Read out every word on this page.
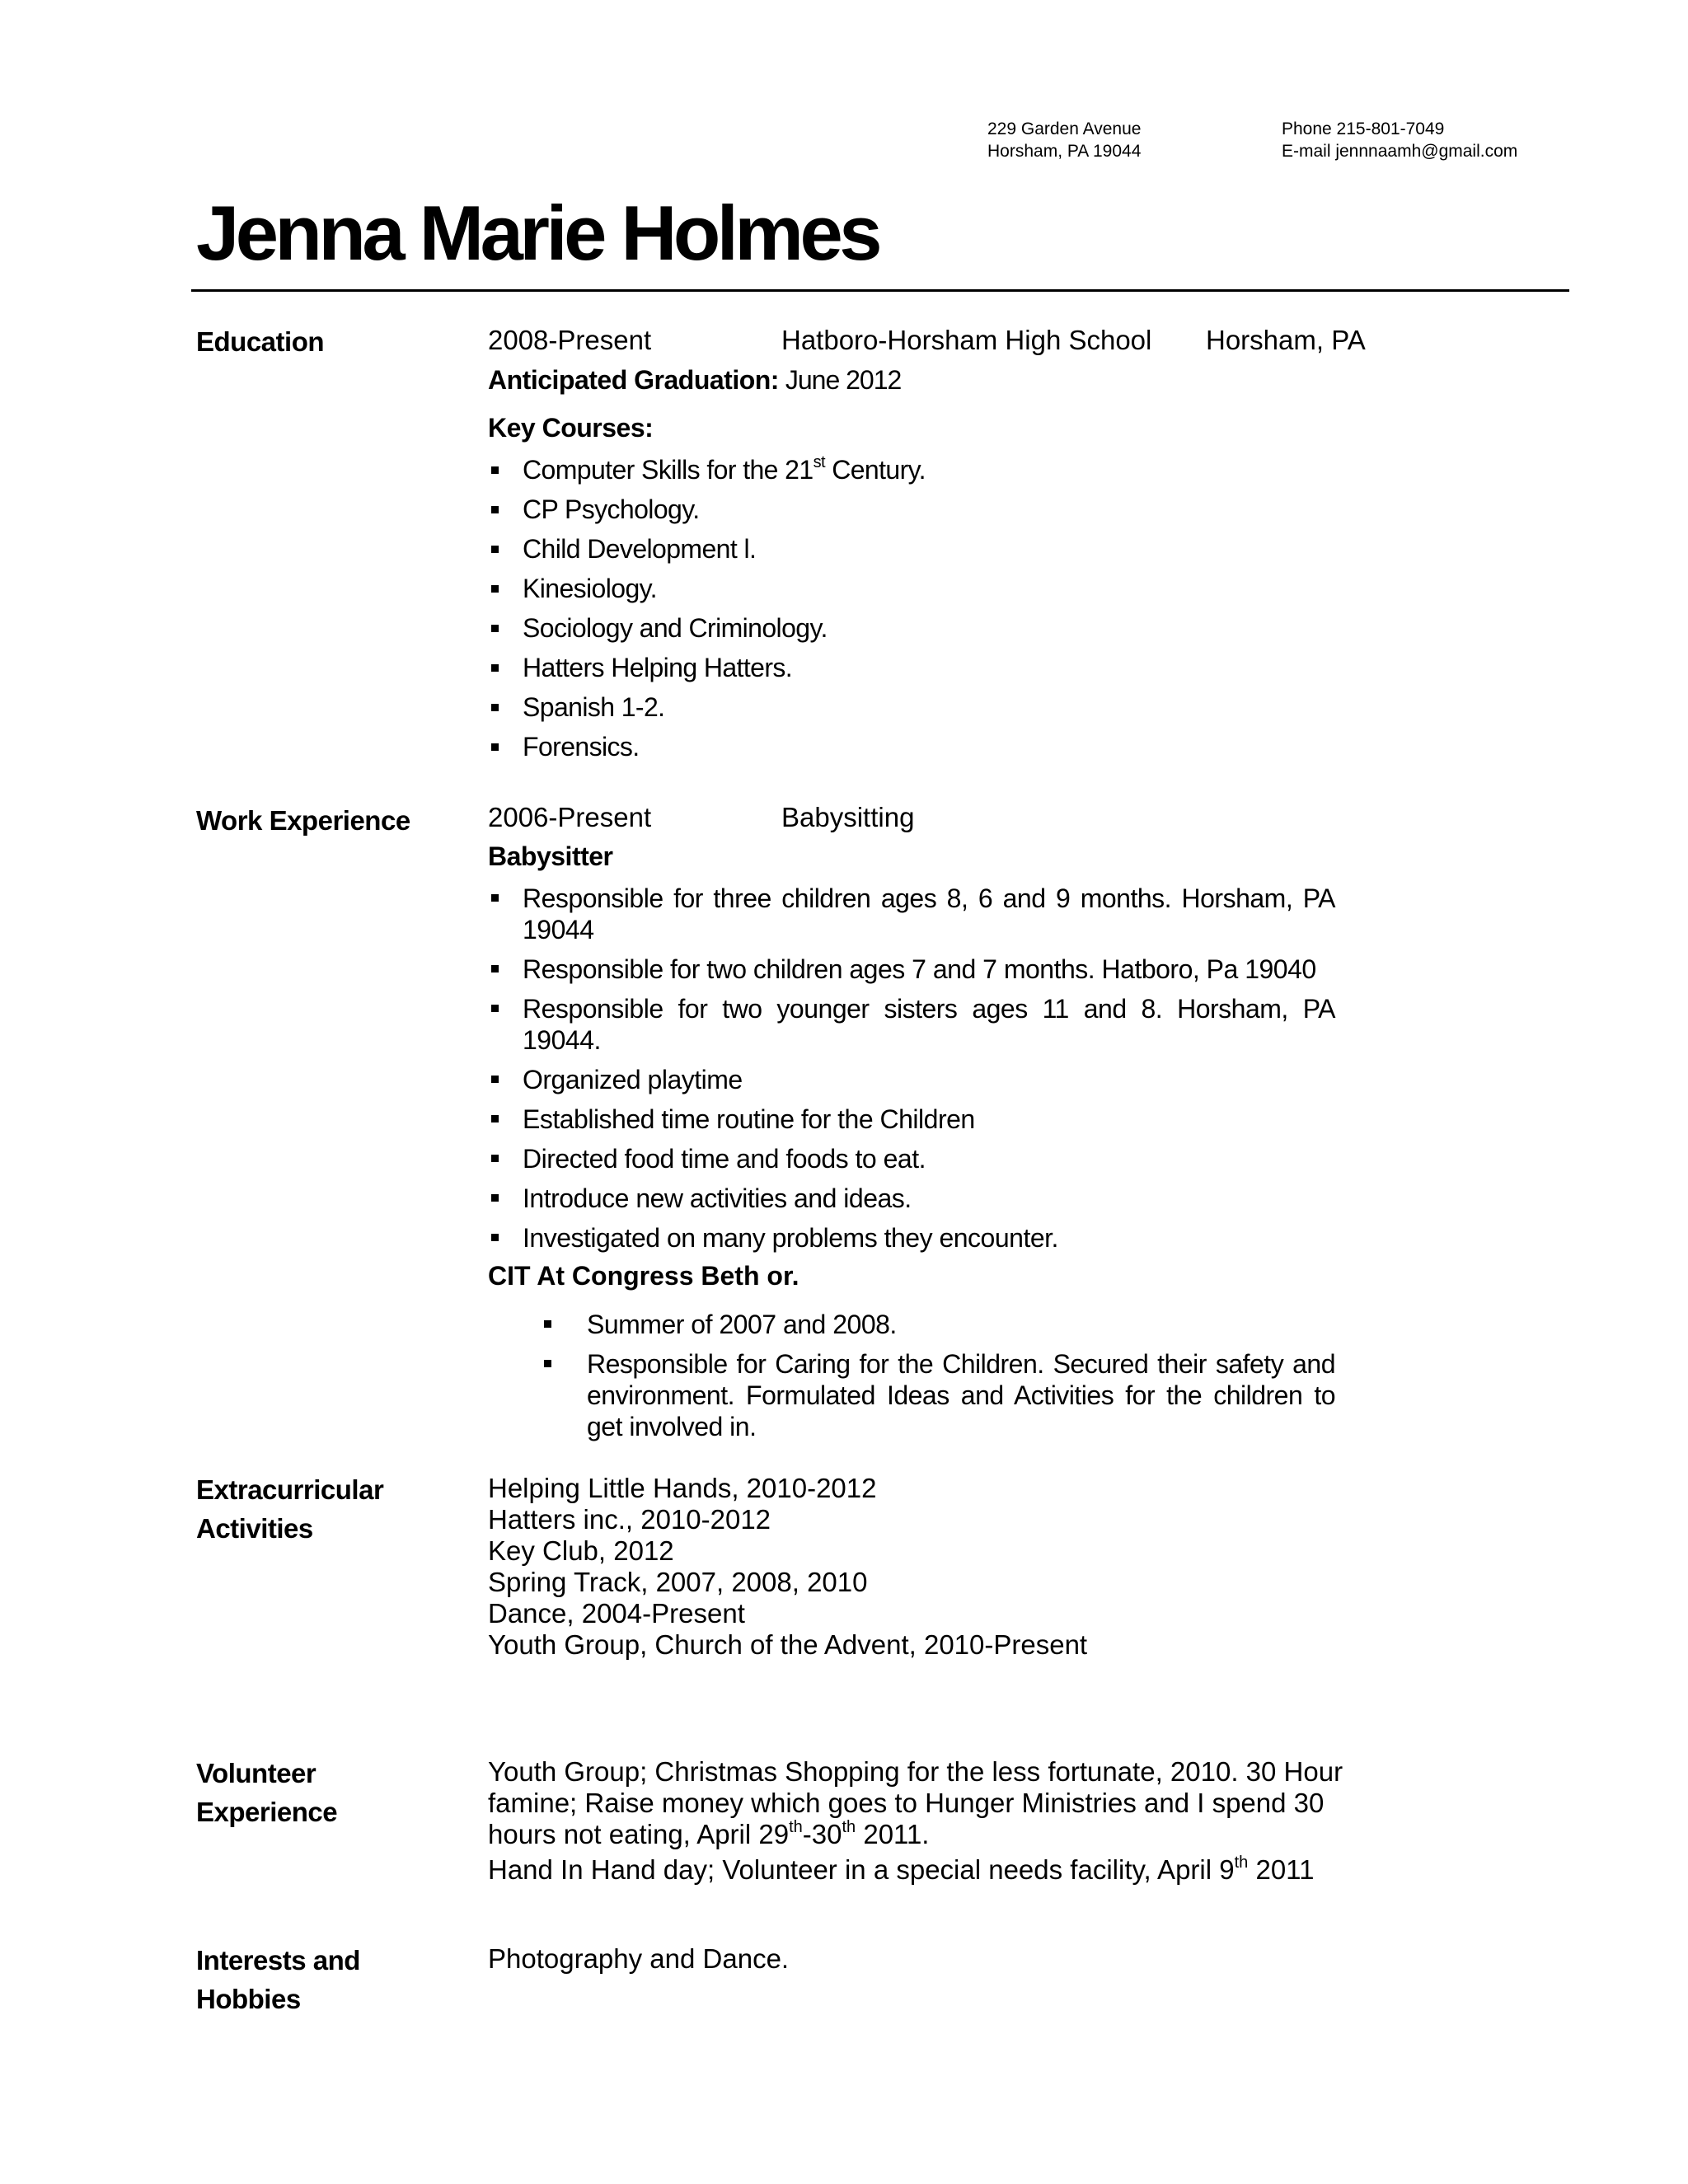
229 Garden Avenue
Horsham, PA 19044
Phone 215-801-7049
E-mail jennnaamh@gmail.com
Jenna Marie Holmes
Education	2008-Present	Hatboro-Horsham High School Horsham, PA
Anticipated Graduation: June 2012
Key Courses:
Computer Skills for the 21st Century.
CP Psychology.
Child Development l.
Kinesiology.
Sociology and Criminology.
Hatters Helping Hatters.
Spanish 1-2.
Forensics.
Work Experience	2006-Present	Babysitting
Babysitter
Responsible for three children ages 8, 6 and 9 months. Horsham, PA 19044
Responsible for two children ages 7 and 7 months. Hatboro, Pa 19040
Responsible for two younger sisters ages 11 and 8. Horsham, PA 19044.
Organized playtime
Established time routine for the Children
Directed food time and foods to eat.
Introduce new activities and ideas.
Investigated on many problems they encounter.
CIT At Congress Beth or.
Summer of 2007 and 2008.
Responsible for Caring for the Children. Secured their safety and environment. Formulated Ideas and Activities for the children to get involved in.
Extracurricular
Activities
Helping Little Hands, 2010-2012
Hatters inc., 2010-2012
Key Club, 2012
Spring Track, 2007, 2008, 2010
Dance, 2004-Present
Youth Group, Church of the Advent, 2010-Present
Volunteer
Experience
Youth Group; Christmas Shopping for the less fortunate, 2010. 30 Hour
famine; Raise money which goes to Hunger Ministries and I spend 30
hours not eating, April 29th-30th 2011.
Hand In Hand day; Volunteer in a special needs facility, April 9th 2011
Interests and
Hobbies
Photography and Dance.
